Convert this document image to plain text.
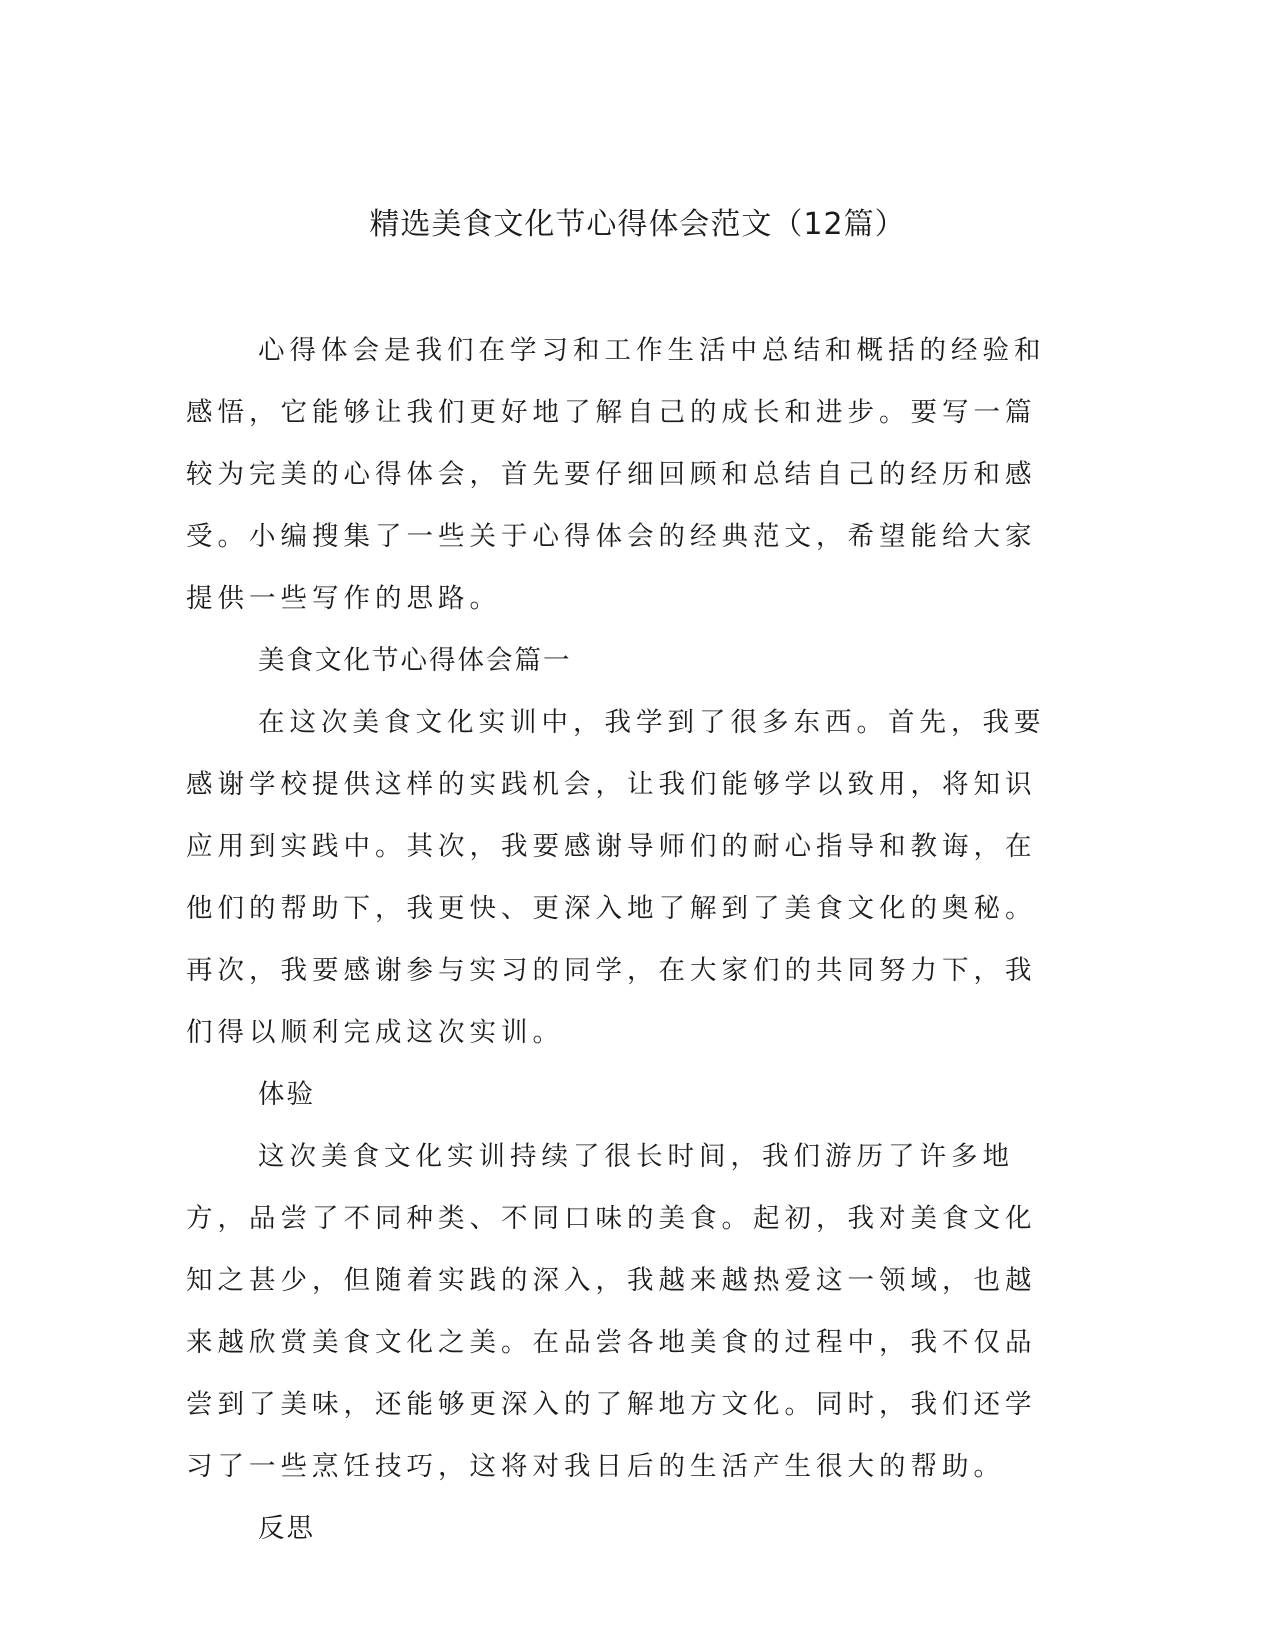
精选美食文化节心得体会范文（12篇）

心得体会是我们在学习和工作生活中总结和概括的经验和感悟，它能够让我们更好地了解自己的成长和进步。要写一篇较为完美的心得体会，首先要仔细回顾和总结自己的经历和感受。小编搜集了一些关于心得体会的经典范文，希望能给大家提供一些写作的思路。

美食文化节心得体会篇一

在这次美食文化实训中，我学到了很多东西。首先，我要感谢学校提供这样的实践机会，让我们能够学以致用，将知识应用到实践中。其次，我要感谢导师们的耐心指导和教诲，在他们的帮助下，我更快、更深入地了解到了美食文化的奥秘。再次，我要感谢参与实习的同学，在大家们的共同努力下，我们得以顺利完成这次实训。

体验

这次美食文化实训持续了很长时间，我们游历了许多地方，品尝了不同种类、不同口味的美食。起初，我对美食文化知之甚少，但随着实践的深入，我越来越热爱这一领域，也越来越欣赏美食文化之美。在品尝各地美食的过程中，我不仅品尝到了美味，还能够更深入的了解地方文化。同时，我们还学习了一些烹饪技巧，这将对我日后的生活产生很大的帮助。

反思
